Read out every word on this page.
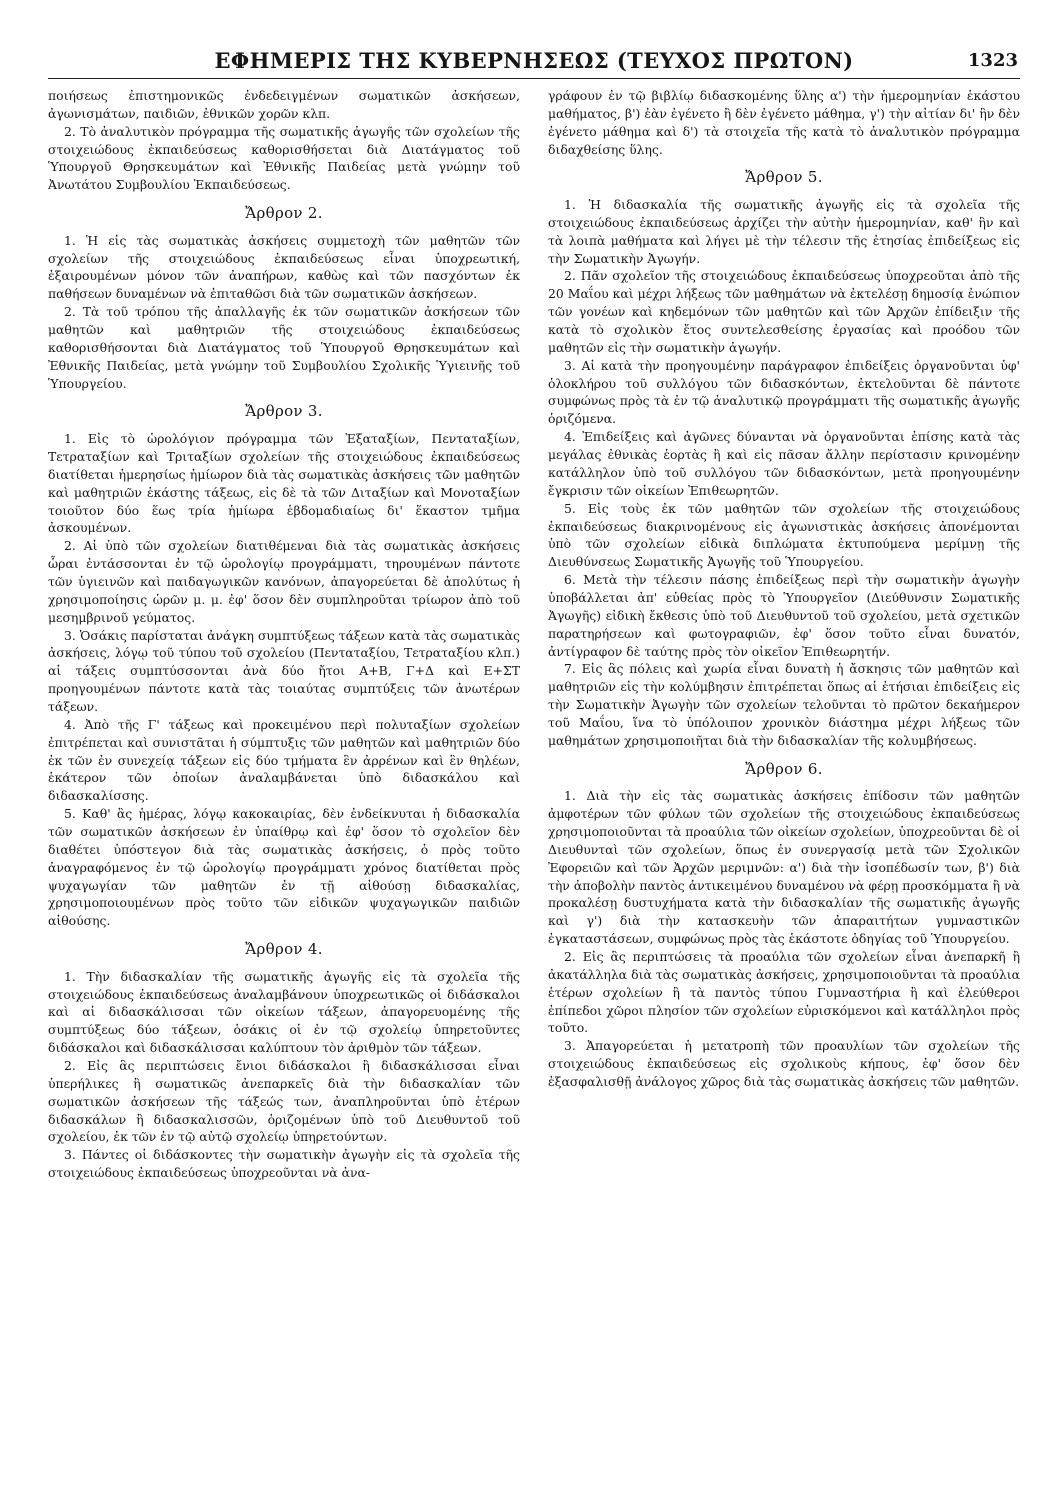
ΕΦΗΜΕΡΙΣ ΤΗΣ ΚΥΒΕΡΝΗΣΕΩΣ (ΤΕΥΧΟΣ ΠΡΩΤΟΝ)	1323

ποιήσεως ἐπιστημονικῶς ἐνδεδειγμένων σωματικῶν ἀσκήσεων, ἀγωνισμάτων, παιδιῶν, ἐθνικῶν χορῶν κλπ.

2. Τὸ ἀναλυτικὸν πρόγραμμα τῆς σωματικῆς ἀγωγῆς τῶν σχολείων τῆς στοιχειώδους ἐκπαιδεύσεως καθορισθήσεται διὰ Διατάγματος τοῦ Ὑπουργοῦ Θρησκευμάτων καὶ Ἐθνικῆς Παιδείας μετὰ γνώμην τοῦ Ἀνωτάτου Συμβουλίου Ἐκπαιδεύσεως.

Ἄρθρον 2.

1. Ἡ εἰς τὰς σωματικὰς ἀσκήσεις συμμετοχὴ τῶν μαθητῶν τῶν σχολείων τῆς στοιχειώδους ἐκπαιδεύσεως εἶναι ὑποχρεωτική, ἐξαιρουμένων μόνον τῶν ἀναπήρων, καθὼς καὶ τῶν πασχόντων ἐκ παθήσεων δυναμένων νὰ ἐπιταθῶσι διὰ τῶν σωματικῶν ἀσκήσεων.

2. Τὰ τοῦ τρόπου τῆς ἀπαλλαγῆς ἐκ τῶν σωματικῶν ἀσκήσεων τῶν μαθητῶν καὶ μαθητριῶν τῆς στοιχειώδους ἐκπαιδεύσεως καθορισθήσονται διὰ Διατάγματος τοῦ Ὑπουργοῦ Θρησκευμάτων καὶ Ἐθνικῆς Παιδείας, μετὰ γνώμην τοῦ Συμβουλίου Σχολικῆς Ὑγιεινῆς τοῦ Ὑπουργείου.

Ἄρθρον 3.

1. Εἰς τὸ ὡρολόγιον πρόγραμμα τῶν Ἑξαταξίων, Πενταταξίων, Τετραταξίων καὶ Τριταξίων σχολείων τῆς στοιχειώδους ἐκπαιδεύσεως διατίθεται ἡμερησίως ἡμίωρον διὰ τὰς σωματικὰς ἀσκήσεις τῶν μαθητῶν καὶ μαθητριῶν ἑκάστης τάξεως, εἰς δὲ τὰ τῶν Διταξίων καὶ Μονοταξίων τοιοῦτον δύο ἕως τρία ἡμίωρα ἑβδομαδιαίως δι' ἕκαστον τμῆμα ἀσκουμένων.

2. Αἱ ὑπὸ τῶν σχολείων διατιθέμεναι διὰ τὰς σωματικὰς ἀσκήσεις ὧραι ἐντάσσονται ἐν τῷ ὡρολογίῳ προγράμματι, τηρουμένων πάντοτε τῶν ὑγιεινῶν καὶ παιδαγωγικῶν κανόνων, ἀπαγορεύεται δὲ ἀπολύτως ἡ χρησιμοποίησις ὡρῶν μ. μ. ἐφ' ὅσον δὲν συμπληροῦται τρίωρον ἀπὸ τοῦ μεσημβρινοῦ γεύματος.

3. Ὁσάκις παρίσταται ἀνάγκη συμπτύξεως τάξεων κατὰ τὰς σωματικὰς ἀσκήσεις, λόγῳ τοῦ τύπου τοῦ σχολείου (Πενταταξίου, Τετραταξίου κλπ.) αἱ τάξεις συμπτύσσονται ἀνὰ δύο ἤτοι Α+Β, Γ+Δ καὶ Ε+ΣΤ προηγουμένων πάντοτε κατὰ τὰς τοιαύτας συμπτύξεις τῶν ἀνωτέρων τάξεων.

4. Ἀπὸ τῆς Γ' τάξεως καὶ προκειμένου περὶ πολυταξίων σχολείων ἐπιτρέπεται καὶ συνιστᾶται ἡ σύμπτυξις τῶν μαθητῶν καὶ μαθητριῶν δύο ἐκ τῶν ἐν συνεχείᾳ τάξεων εἰς δύο τμήματα ἓν ἀρρένων καὶ ἓν θηλέων, ἑκάτερον τῶν ὁποίων ἀναλαμβάνεται ὑπὸ διδασκάλου καὶ διδασκαλίσσης.

5. Καθ' ἃς ἡμέρας, λόγῳ κακοκαιρίας, δὲν ἐνδείκνυται ἡ διδασκαλία τῶν σωματικῶν ἀσκήσεων ἐν ὑπαίθρῳ καὶ ἐφ' ὅσον τὸ σχολεῖον δὲν διαθέτει ὑπόστεγον διὰ τὰς σωματικὰς ἀσκήσεις, ὁ πρὸς τοῦτο ἀναγραφόμενος ἐν τῷ ὡρολογίῳ προγράμματι χρόνος διατίθεται πρὸς ψυχαγωγίαν τῶν μαθητῶν ἐν τῇ αἰθούσῃ διδασκαλίας, χρησιμοποιουμένων πρὸς τοῦτο τῶν εἰδικῶν ψυχαγωγικῶν παιδιῶν αἰθούσης.

Ἄρθρον 4.

1. Τὴν διδασκαλίαν τῆς σωματικῆς ἀγωγῆς εἰς τὰ σχολεῖα τῆς στοιχειώδους ἐκπαιδεύσεως ἀναλαμβάνουν ὑποχρεωτικῶς οἱ διδάσκαλοι καὶ αἱ διδασκάλισσαι τῶν οἰκείων τάξεων, ἀπαγορευομένης τῆς συμπτύξεως δύο τάξεων, ὁσάκις οἱ ἐν τῷ σχολείῳ ὑπηρετοῦντες διδάσκαλοι καὶ διδασκάλισσαι καλύπτουν τὸν ἀριθμὸν τῶν τάξεων.

2. Εἰς ἃς περιπτώσεις ἔνιοι διδάσκαλοι ἢ διδασκάλισσαι εἶναι ὑπερήλικες ἢ σωματικῶς ἀνεπαρκεῖς διὰ τὴν διδασκαλίαν τῶν σωματικῶν ἀσκήσεων τῆς τάξεώς των, ἀναπληροῦνται ὑπὸ ἑτέρων διδασκάλων ἢ διδασκαλισσῶν, ὁριζομένων ὑπὸ τοῦ Διευθυντοῦ τοῦ σχολείου, ἐκ τῶν ἐν τῷ αὐτῷ σχολείῳ ὑπηρετούντων.

3. Πάντες οἱ διδάσκοντες τὴν σωματικὴν ἀγωγὴν εἰς τὰ σχολεῖα τῆς στοιχειώδους ἐκπαιδεύσεως ὑποχρεοῦνται νὰ ἀνα-

γράφουν ἐν τῷ βιβλίῳ διδασκομένης ὕλης α') τὴν ἡμερομηνίαν ἑκάστου μαθήματος, β') ἐὰν ἐγένετο ἢ δὲν ἐγένετο μάθημα, γ') τὴν αἰτίαν δι' ἣν δὲν ἐγένετο μάθημα καὶ δ') τὰ στοιχεῖα τῆς κατὰ τὸ ἀναλυτικὸν πρόγραμμα διδαχθείσης ὕλης.

Ἄρθρον 5.

1. Ἡ διδασκαλία τῆς σωματικῆς ἀγωγῆς εἰς τὰ σχολεῖα τῆς στοιχειώδους ἐκπαιδεύσεως ἀρχίζει τὴν αὐτὴν ἡμερομηνίαν, καθ' ἣν καὶ τὰ λοιπὰ μαθήματα καὶ λήγει μὲ τὴν τέλεσιν τῆς ἐτησίας ἐπιδείξεως εἰς τὴν Σωματικὴν Ἀγωγήν.

2. Πᾶν σχολεῖον τῆς στοιχειώδους ἐκπαιδεύσεως ὑποχρεοῦται ἀπὸ τῆς 20 Μαΐου καὶ μέχρι λήξεως τῶν μαθημάτων νὰ ἐκτελέσῃ δημοσίᾳ ἐνώπιον τῶν γονέων καὶ κηδεμόνων τῶν μαθητῶν καὶ τῶν Ἀρχῶν ἐπίδειξιν τῆς κατὰ τὸ σχολικὸν ἔτος συντελεσθείσης ἐργασίας καὶ προόδου τῶν μαθητῶν εἰς τὴν σωματικὴν ἀγωγήν.

3. Αἱ κατὰ τὴν προηγουμένην παράγραφον ἐπιδείξεις ὀργανοῦνται ὑφ' ὁλοκλήρου τοῦ συλλόγου τῶν διδασκόντων, ἐκτελοῦνται δὲ πάντοτε συμφώνως πρὸς τὰ ἐν τῷ ἀναλυτικῷ προγράμματι τῆς σωματικῆς ἀγωγῆς ὁριζόμενα.

4. Ἐπιδείξεις καὶ ἀγῶνες δύνανται νὰ ὀργανοῦνται ἐπίσης κατὰ τὰς μεγάλας ἐθνικὰς ἑορτὰς ἢ καὶ εἰς πᾶσαν ἄλλην περίστασιν κρινομένην κατάλληλον ὑπὸ τοῦ συλλόγου τῶν διδασκόντων, μετὰ προηγουμένην ἔγκρισιν τῶν οἰκείων Ἐπιθεωρητῶν.

5. Εἰς τοὺς ἐκ τῶν μαθητῶν τῶν σχολείων τῆς στοιχειώδους ἐκπαιδεύσεως διακρινομένους εἰς ἀγωνιστικὰς ἀσκήσεις ἀπονέμονται ὑπὸ τῶν σχολείων εἰδικὰ διπλώματα ἐκτυπούμενα μερίμνῃ τῆς Διευθύνσεως Σωματικῆς Ἀγωγῆς τοῦ Ὑπουργείου.

6. Μετὰ τὴν τέλεσιν πάσης ἐπιδείξεως περὶ τὴν σωματικὴν ἀγωγὴν ὑποβάλλεται ἀπ' εὐθείας πρὸς τὸ Ὑπουργεῖον (Διεύθυνσιν Σωματικῆς Ἀγωγῆς) εἰδικὴ ἔκθεσις ὑπὸ τοῦ Διευθυντοῦ τοῦ σχολείου, μετὰ σχετικῶν παρατηρήσεων καὶ φωτογραφιῶν, ἐφ' ὅσον τοῦτο εἶναι δυνατόν, ἀντίγραφον δὲ ταύτης πρὸς τὸν οἰκεῖον Ἐπιθεωρητήν.

7. Εἰς ἃς πόλεις καὶ χωρία εἶναι δυνατὴ ἡ ἄσκησις τῶν μαθητῶν καὶ μαθητριῶν εἰς τὴν κολύμβησιν ἐπιτρέπεται ὅπως αἱ ἐτήσιαι ἐπιδείξεις εἰς τὴν Σωματικὴν Ἀγωγὴν τῶν σχολείων τελοῦνται τὸ πρῶτον δεκαήμερον τοῦ Μαΐου, ἵνα τὸ ὑπόλοιπον χρονικὸν διάστημα μέχρι λήξεως τῶν μαθημάτων χρησιμοποιῆται διὰ τὴν διδασκαλίαν τῆς κολυμβήσεως.

Ἄρθρον 6.

1. Διὰ τὴν εἰς τὰς σωματικὰς ἀσκήσεις ἐπίδοσιν τῶν μαθητῶν ἀμφοτέρων τῶν φύλων τῶν σχολείων τῆς στοιχειώδους ἐκπαιδεύσεως χρησιμοποιοῦνται τὰ προαύλια τῶν οἰκείων σχολείων, ὑποχρεοῦνται δὲ οἱ Διευθυνταὶ τῶν σχολείων, ὅπως ἐν συνεργασίᾳ μετὰ τῶν Σχολικῶν Ἐφορειῶν καὶ τῶν Ἀρχῶν μεριμνῶν: α') διὰ τὴν ἰσοπέδωσίν των, β') διὰ τὴν ἀποβολὴν παντὸς ἀντικειμένου δυναμένου νὰ φέρῃ προσκόμματα ἢ νὰ προκαλέσῃ δυστυχήματα κατὰ τὴν διδασκαλίαν τῆς σωματικῆς ἀγωγῆς καὶ γ') διὰ τὴν κατασκευὴν τῶν ἀπαραιτήτων γυμναστικῶν ἐγκαταστάσεων, συμφώνως πρὸς τὰς ἑκάστοτε ὁδηγίας τοῦ Ὑπουργείου.

2. Εἰς ἃς περιπτώσεις τὰ προαύλια τῶν σχολείων εἶναι ἀνεπαρκῆ ἢ ἀκατάλληλα διὰ τὰς σωματικὰς ἀσκήσεις, χρησιμοποιοῦνται τὰ προαύλια ἑτέρων σχολείων ἢ τὰ παντὸς τύπου Γυμναστήρια ἢ καὶ ἐλεύθεροι ἐπίπεδοι χῶροι πλησίον τῶν σχολείων εὐρισκόμενοι καὶ κατάλληλοι πρὸς τοῦτο.

3. Ἀπαγορεύεται ἡ μετατροπὴ τῶν προαυλίων τῶν σχολείων τῆς στοιχειώδους ἐκπαιδεύσεως εἰς σχολικοὺς κήπους, ἐφ' ὅσον δὲν ἐξασφαλισθῇ ἀνάλογος χῶρος διὰ τὰς σωματικὰς ἀσκήσεις τῶν μαθητῶν.
